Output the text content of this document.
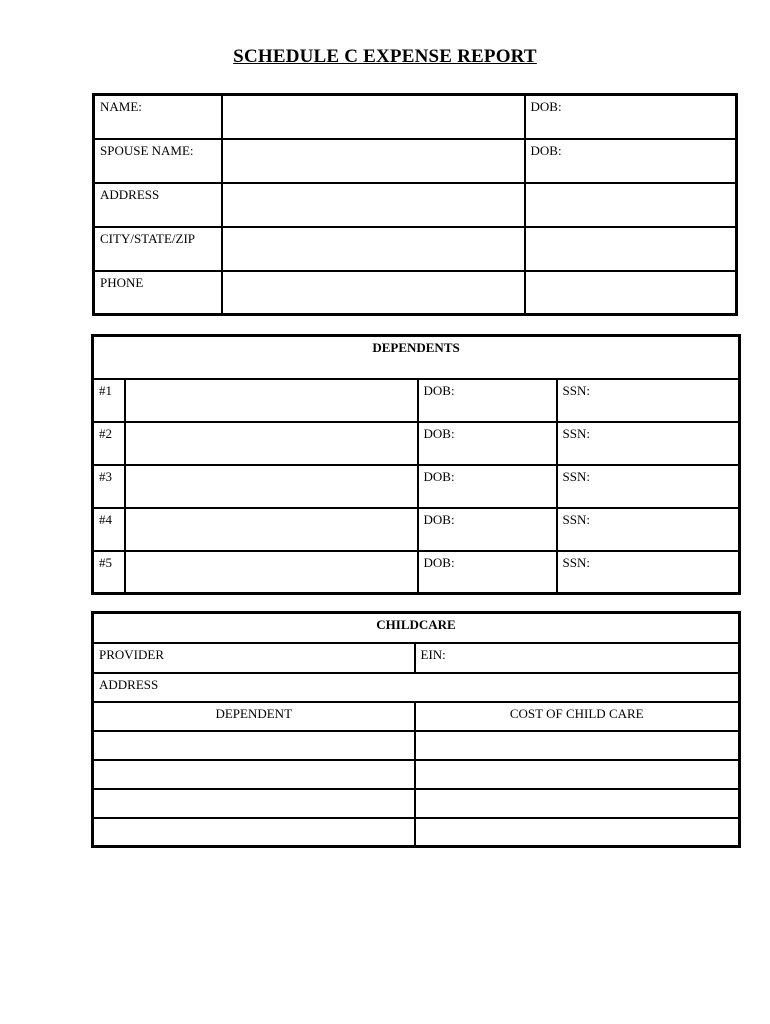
SCHEDULE C EXPENSE REPORT
NAME:		DOB:
SPOUSE NAME:		DOB:
ADDRESS		
CITY/STATE/ZIP		
PHONE		
DEPENDENTS			
#1		DOB:	SSN:
#2		DOB:	SSN:
#3		DOB:	SSN:
#4		DOB:	SSN:
#5		DOB:	SSN:
CHILDCARE	
PROVIDER	EIN:
ADDRESS	
DEPENDENT	COST OF CHILD CARE
